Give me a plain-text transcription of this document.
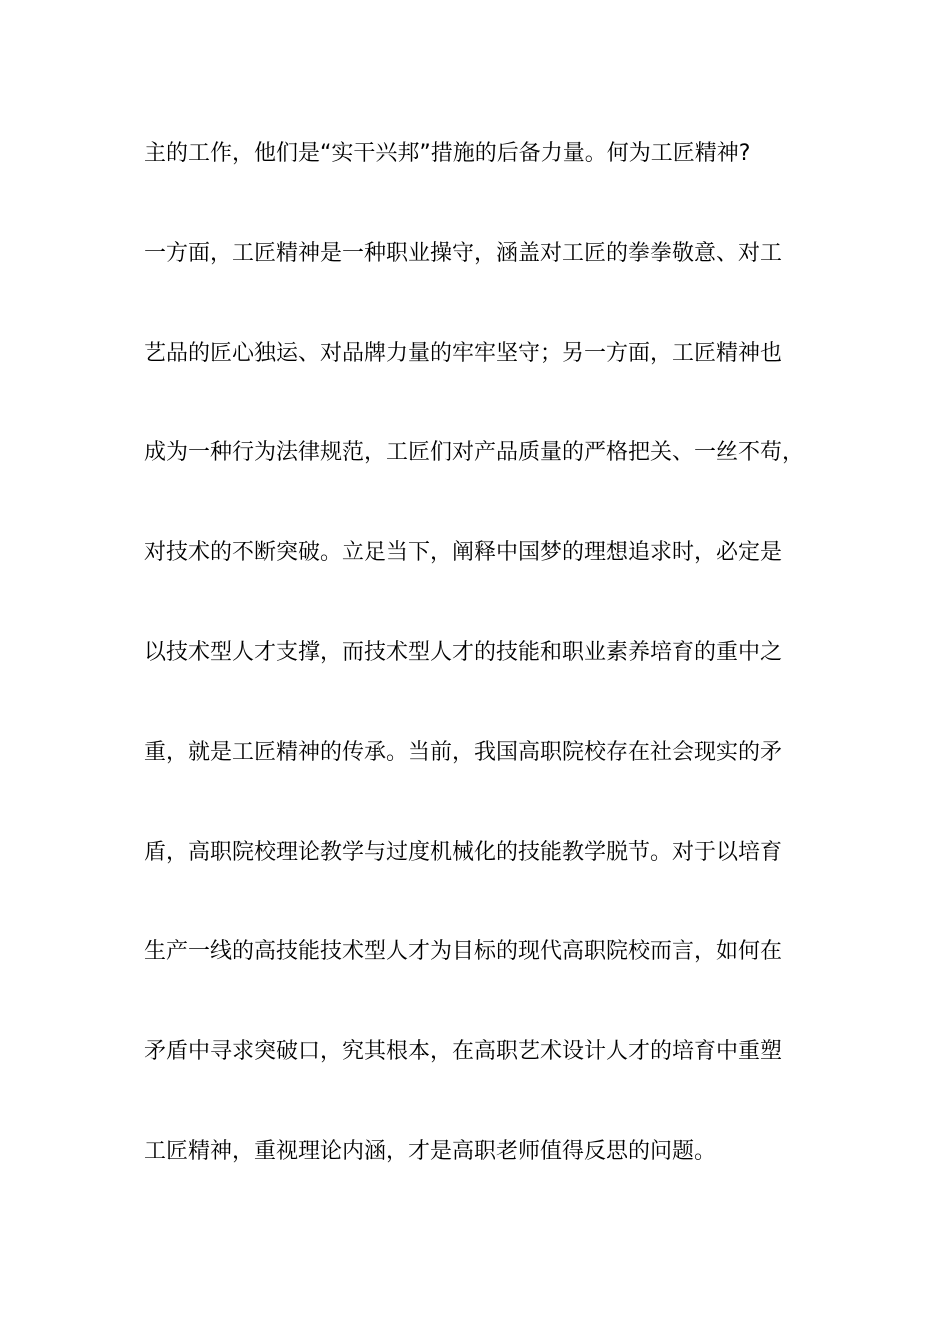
主的工作，他们是“实干兴邦”措施的后备力量。何为工匠精神?
一方面，工匠精神是一种职业操守，涵盖对工匠的拳拳敬意、对工
艺品的匠心独运、对品牌力量的牢牢坚守；另一方面，工匠精神也
成为一种行为法律规范，工匠们对产品质量的严格把关、一丝不苟，
对技术的不断突破。立足当下，阐释中国梦的理想追求时，必定是
以技术型人才支撑，而技术型人才的技能和职业素养培育的重中之
重，就是工匠精神的传承。当前，我国高职院校存在社会现实的矛
盾，高职院校理论教学与过度机械化的技能教学脱节。对于以培育
生产一线的高技能技术型人才为目标的现代高职院校而言，如何在
矛盾中寻求突破口，究其根本，在高职艺术设计人才的培育中重塑
工匠精神，重视理论内涵，才是高职老师值得反思的问题。
